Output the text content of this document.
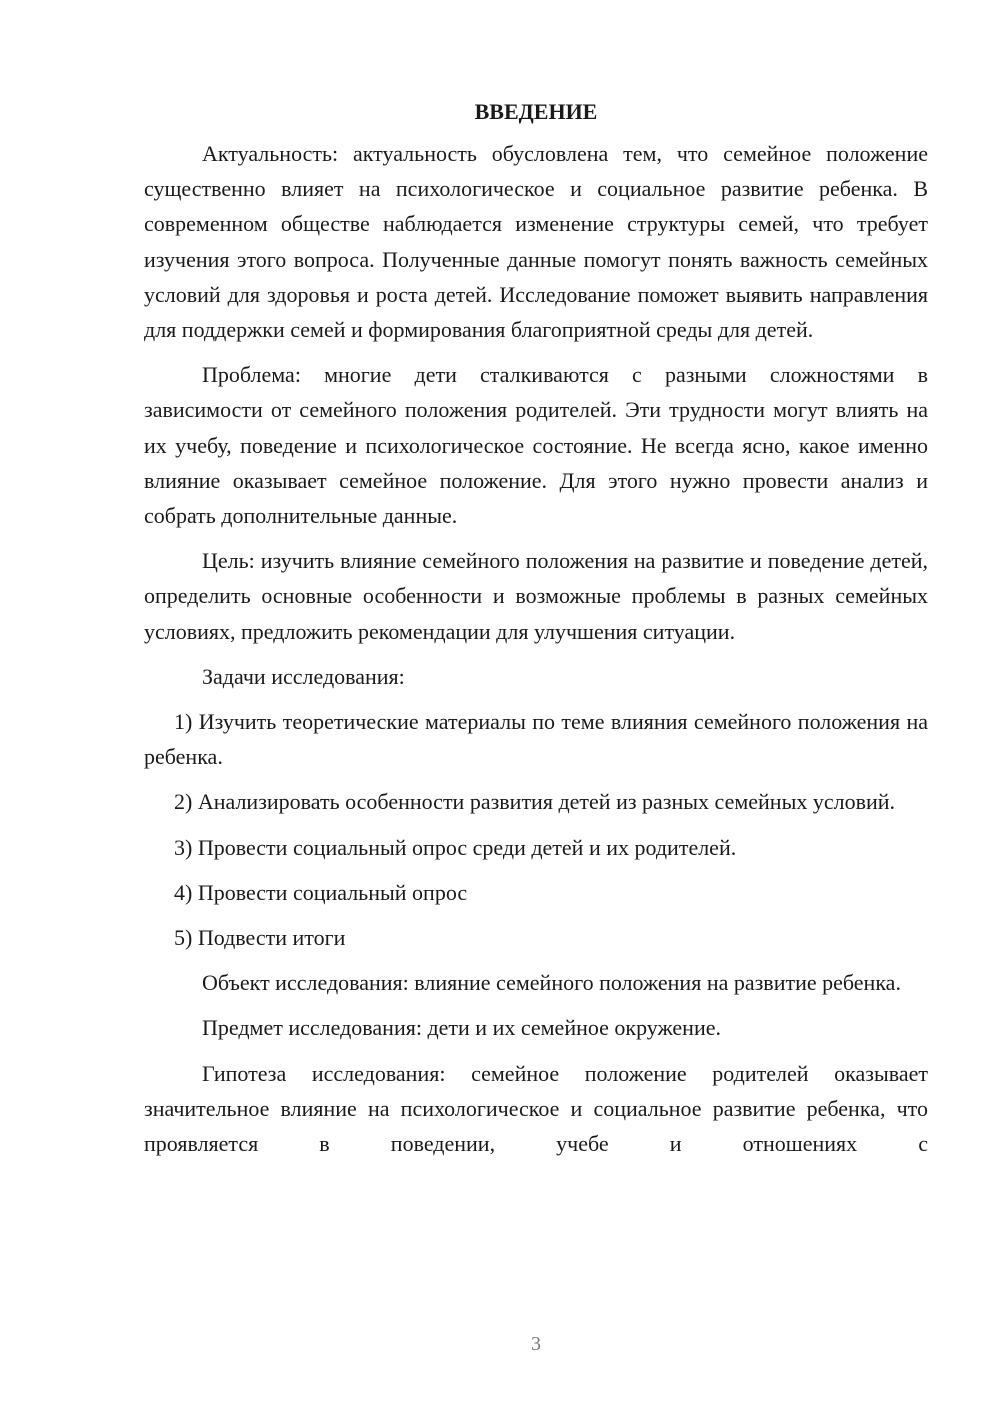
ВВЕДЕНИЕ

Актуальность: актуальность обусловлена тем, что семейное положение существенно влияет на психологическое и социальное развитие ребенка. В современном обществе наблюдается изменение структуры семей, что требует изучения этого вопроса. Полученные данные помогут понять важность семейных условий для здоровья и роста детей. Исследование поможет выявить направления для поддержки семей и формирования благоприятной среды для детей.

Проблема: многие дети сталкиваются с разными сложностями в зависимости от семейного положения родителей. Эти трудности могут влиять на их учебу, поведение и психологическое состояние. Не всегда ясно, какое именно влияние оказывает семейное положение. Для этого нужно провести анализ и собрать дополнительные данные.

Цель: изучить влияние семейного положения на развитие и поведение детей, определить основные особенности и возможные проблемы в разных семейных условиях, предложить рекомендации для улучшения ситуации.

Задачи исследования:

1) Изучить теоретические материалы по теме влияния семейного положения на ребенка.

2) Анализировать особенности развития детей из разных семейных условий.

3) Провести социальный опрос среди детей и их родителей.

4) Провести социальный опрос

5) Подвести итоги

Объект исследования: влияние семейного положения на развитие ребенка.

Предмет исследования: дети и их семейное окружение.

Гипотеза исследования: семейное положение родителей оказывает значительное влияние на психологическое и социальное развитие ребенка, что проявляется в поведении, учебе и отношениях с

3
